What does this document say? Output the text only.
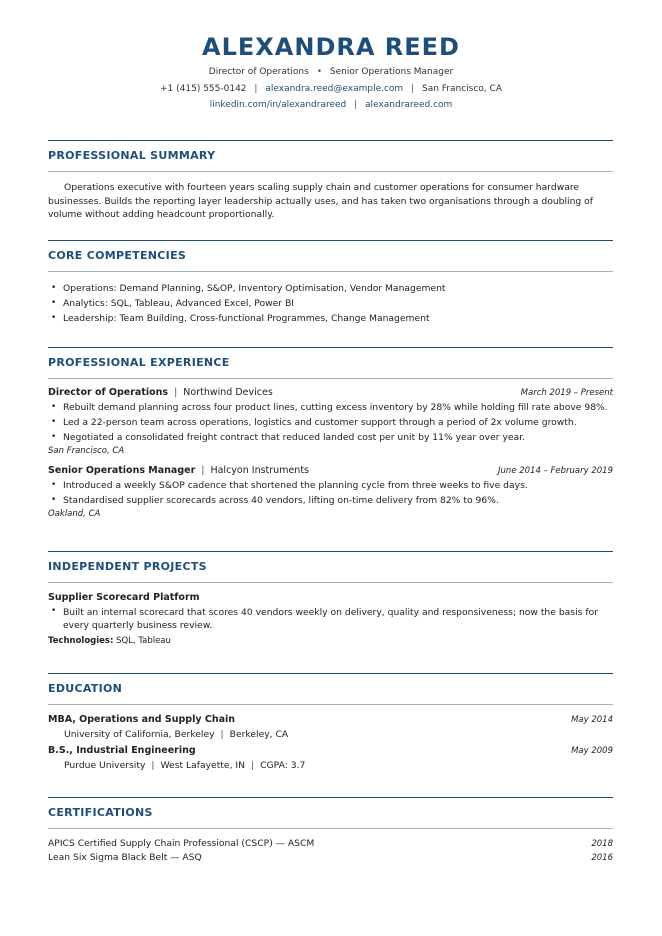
ALEXANDRA REED
Director of Operations • Senior Operations Manager
+1 (415) 555-0142 | alexandra.reed@example.com | San Francisco, CA
linkedin.com/in/alexandrareed | alexandrareed.com
PROFESSIONAL SUMMARY
Operations executive with fourteen years scaling supply chain and customer operations for consumer hardware businesses. Builds the reporting layer leadership actually uses, and has taken two organisations through a doubling of volume without adding headcount proportionally.
CORE COMPETENCIES
• Operations: Demand Planning, S&OP, Inventory Optimisation, Vendor Management
• Analytics: SQL, Tableau, Advanced Excel, Power BI
• Leadership: Team Building, Cross-functional Programmes, Change Management
PROFESSIONAL EXPERIENCE
Director of Operations | Northwind Devices	March 2019 – Present
• Rebuilt demand planning across four product lines, cutting excess inventory by 28% while holding fill rate above 98%.
• Led a 22-person team across operations, logistics and customer support through a period of 2x volume growth.
• Negotiated a consolidated freight contract that reduced landed cost per unit by 11% year over year.
San Francisco, CA
Senior Operations Manager | Halcyon Instruments	June 2014 – February 2019
• Introduced a weekly S&OP cadence that shortened the planning cycle from three weeks to five days.
• Standardised supplier scorecards across 40 vendors, lifting on-time delivery from 82% to 96%.
Oakland, CA
INDEPENDENT PROJECTS
Supplier Scorecard Platform
• Built an internal scorecard that scores 40 vendors weekly on delivery, quality and responsiveness; now the basis for every quarterly business review.
Technologies: SQL, Tableau
EDUCATION
MBA, Operations and Supply Chain	May 2014
University of California, Berkeley | Berkeley, CA
B.S., Industrial Engineering	May 2009
Purdue University | West Lafayette, IN | CGPA: 3.7
CERTIFICATIONS
APICS Certified Supply Chain Professional (CSCP) — ASCM	2018
Lean Six Sigma Black Belt — ASQ	2016
